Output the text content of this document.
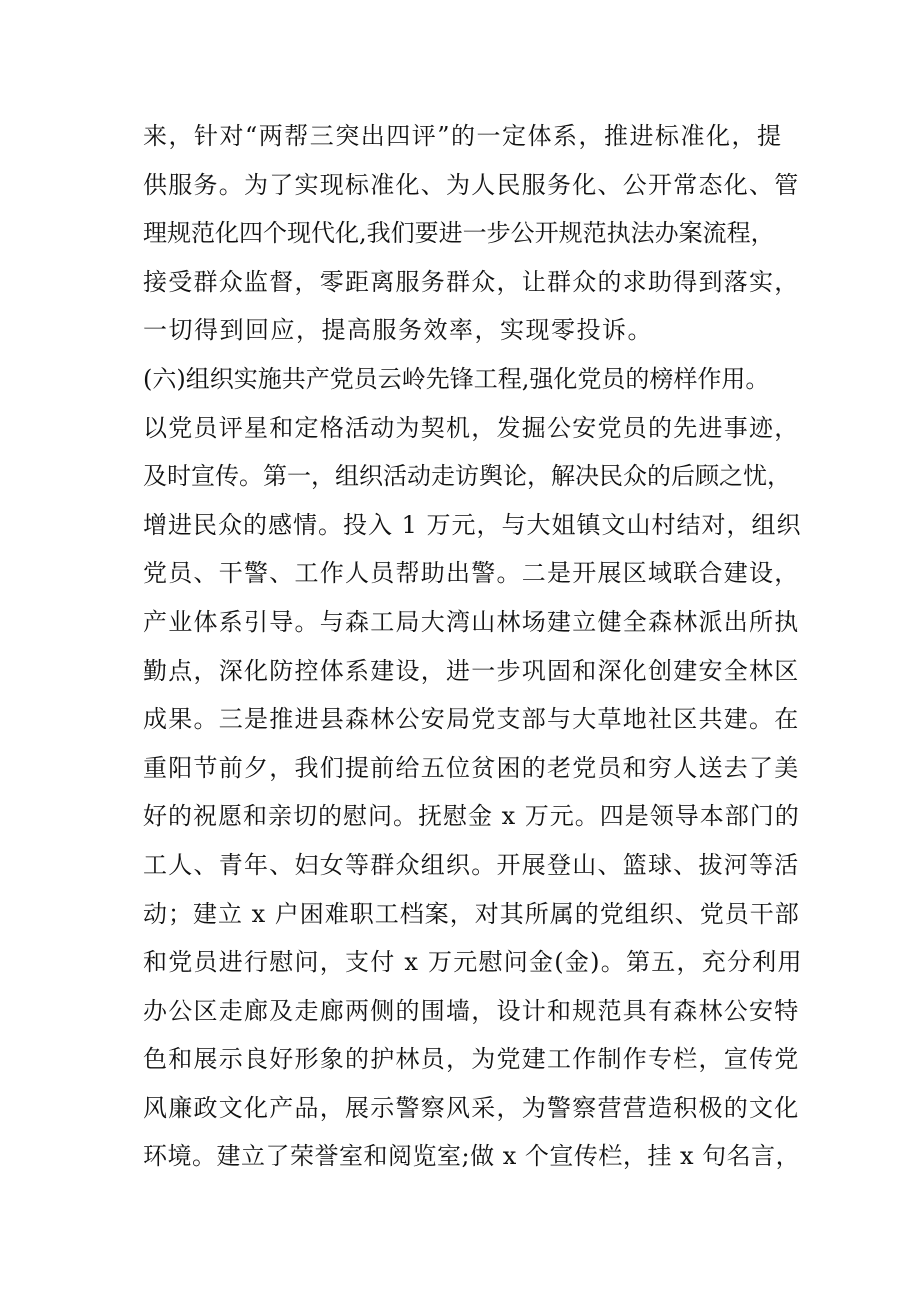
来，针对“两帮三突出四评”的一定体系，推进标准化，提
供服务。为了实现标准化、为人民服务化、公开常态化、管
理规范化四个现代化,我们要进一步公开规范执法办案流程，
接受群众监督，零距离服务群众，让群众的求助得到落实，
一切得到回应，提高服务效率，实现零投诉。
(六)组织实施共产党员云岭先锋工程,强化党员的榜样作用。
以党员评星和定格活动为契机，发掘公安党员的先进事迹，
及时宣传。第一，组织活动走访舆论，解决民众的后顾之忧，
增进民众的感情。投入 1 万元，与大姐镇文山村结对，组织
党员、干警、工作人员帮助出警。二是开展区域联合建设，
产业体系引导。与森工局大湾山林场建立健全森林派出所执
勤点，深化防控体系建设，进一步巩固和深化创建安全林区
成果。三是推进县森林公安局党支部与大草地社区共建。在
重阳节前夕，我们提前给五位贫困的老党员和穷人送去了美
好的祝愿和亲切的慰问。抚慰金 x 万元。四是领导本部门的
工人、青年、妇女等群众组织。开展登山、篮球、拔河等活
动；建立 x 户困难职工档案，对其所属的党组织、党员干部
和党员进行慰问，支付 x 万元慰问金(金)。第五，充分利用
办公区走廊及走廊两侧的围墙，设计和规范具有森林公安特
色和展示良好形象的护林员，为党建工作制作专栏，宣传党
风廉政文化产品，展示警察风采，为警察营营造积极的文化
环境。建立了荣誉室和阅览室;做 x 个宣传栏，挂 x 句名言，
